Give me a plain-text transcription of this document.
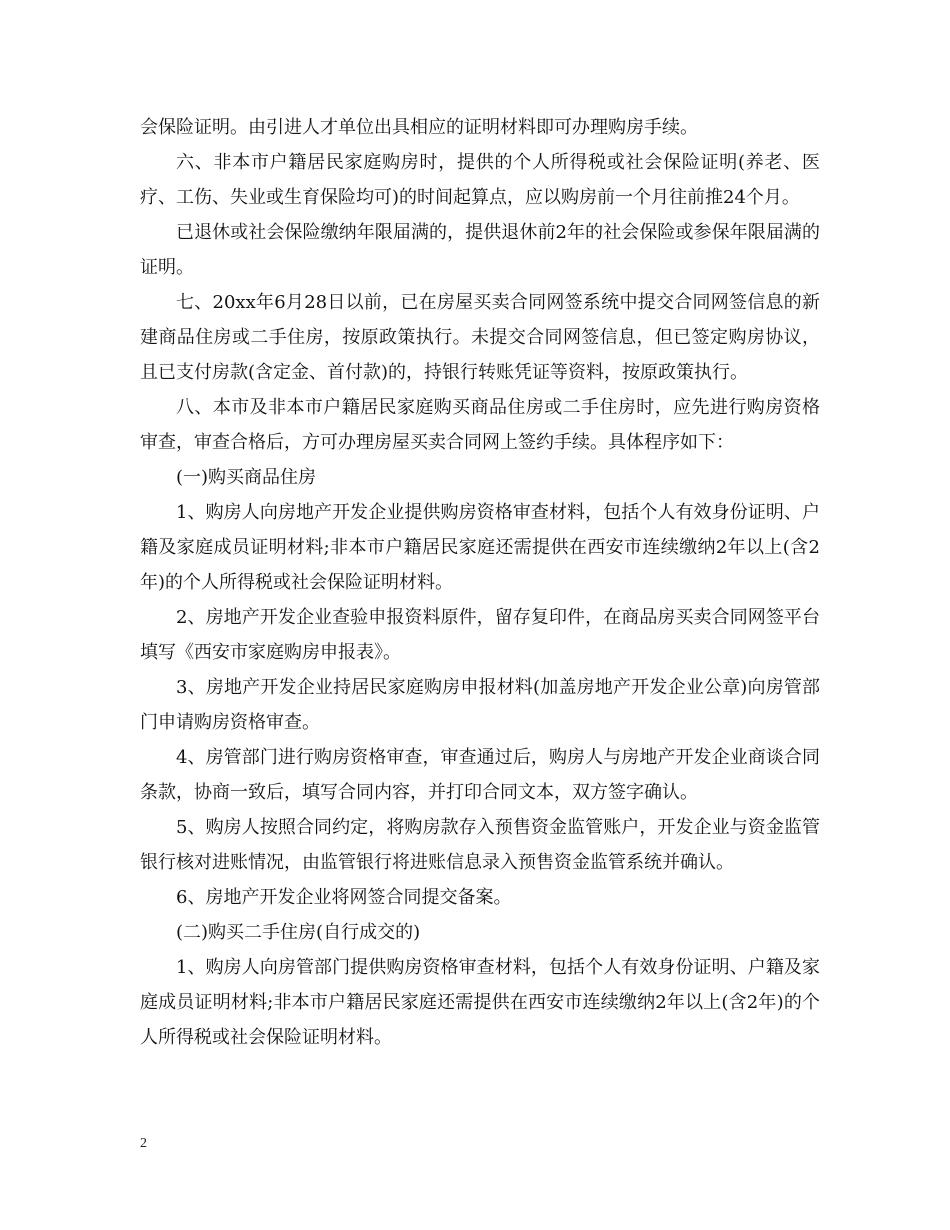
会保险证明。由引进人才单位出具相应的证明材料即可办理购房手续。

六、非本市户籍居民家庭购房时，提供的个人所得税或社会保险证明(养老、医疗、工伤、失业或生育保险均可)的时间起算点，应以购房前一个月往前推24个月。

已退休或社会保险缴纳年限届满的，提供退休前2年的社会保险或参保年限届满的证明。

七、20xx年6月28日以前，已在房屋买卖合同网签系统中提交合同网签信息的新建商品住房或二手住房，按原政策执行。未提交合同网签信息，但已签定购房协议，且已支付房款(含定金、首付款)的，持银行转账凭证等资料，按原政策执行。

八、本市及非本市户籍居民家庭购买商品住房或二手住房时，应先进行购房资格审查，审查合格后，方可办理房屋买卖合同网上签约手续。具体程序如下：

(一)购买商品住房

1、购房人向房地产开发企业提供购房资格审查材料，包括个人有效身份证明、户籍及家庭成员证明材料;非本市户籍居民家庭还需提供在西安市连续缴纳2年以上(含2年)的个人所得税或社会保险证明材料。

2、房地产开发企业查验申报资料原件，留存复印件，在商品房买卖合同网签平台填写《西安市家庭购房申报表》。

3、房地产开发企业持居民家庭购房申报材料(加盖房地产开发企业公章)向房管部门申请购房资格审查。

4、房管部门进行购房资格审查，审查通过后，购房人与房地产开发企业商谈合同条款，协商一致后，填写合同内容，并打印合同文本，双方签字确认。

5、购房人按照合同约定，将购房款存入预售资金监管账户，开发企业与资金监管银行核对进账情况，由监管银行将进账信息录入预售资金监管系统并确认。

6、房地产开发企业将网签合同提交备案。

(二)购买二手住房(自行成交的)

1、购房人向房管部门提供购房资格审查材料，包括个人有效身份证明、户籍及家庭成员证明材料;非本市户籍居民家庭还需提供在西安市连续缴纳2年以上(含2年)的个人所得税或社会保险证明材料。

2
